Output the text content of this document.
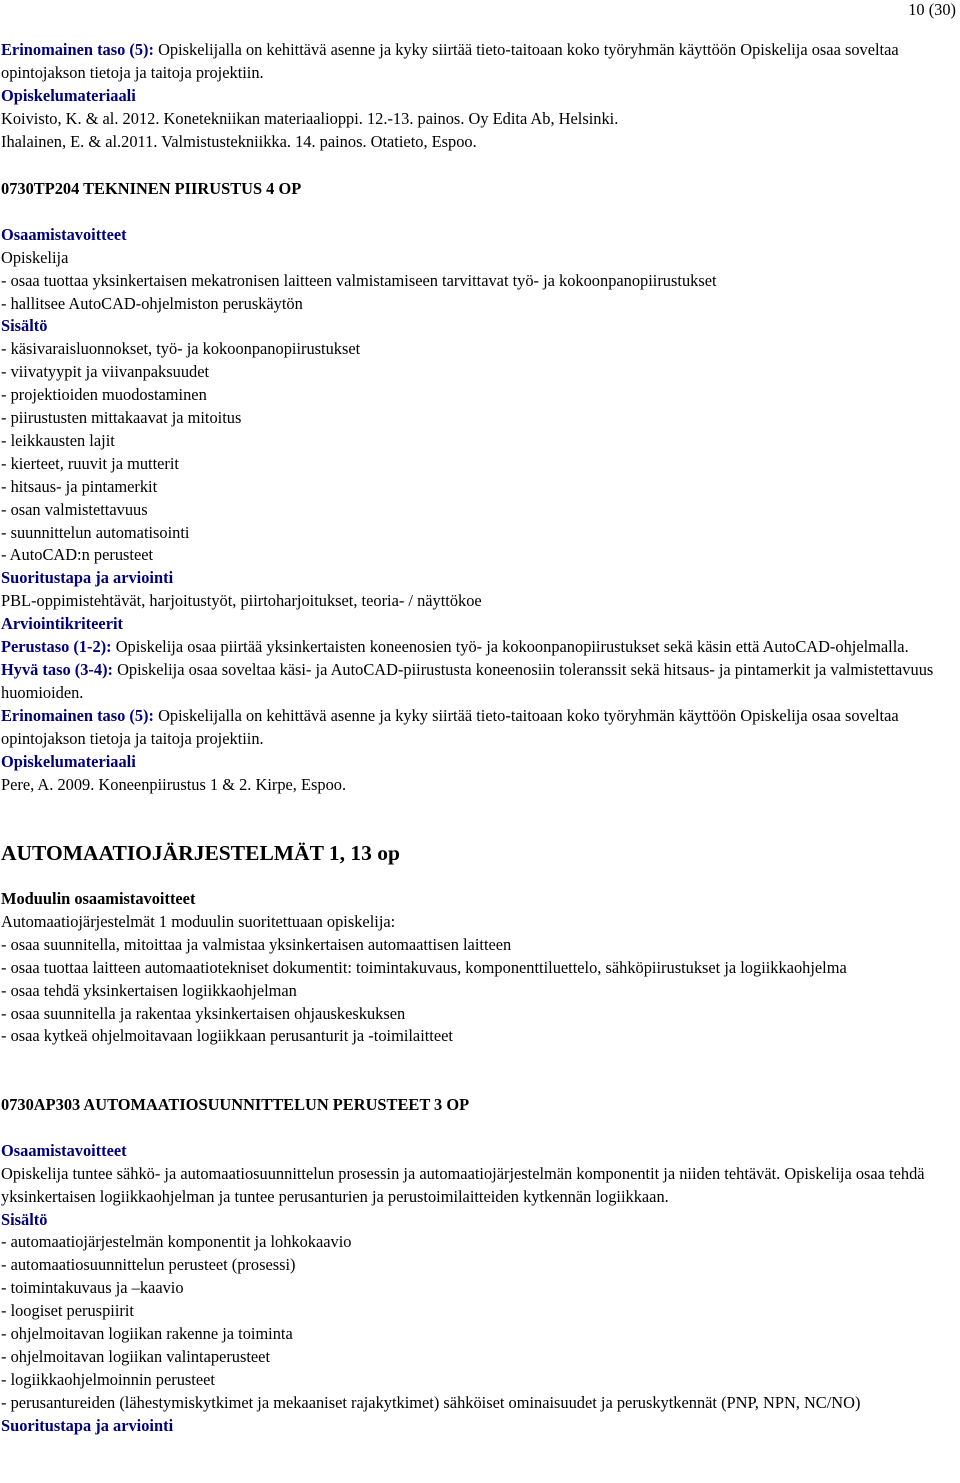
10 (30)

Erinomainen taso (5): Opiskelijalla on kehittävä asenne ja kyky siirtää tieto-taitoaan koko työryhmän käyttöön Opiskelija osaa soveltaa opintojakson tietoja ja taitoja projektiin.

Opiskelumateriaali

Koivisto, K. & al. 2012. Konetekniikan materiaalioppi. 12.-13. painos. Oy Edita Ab, Helsinki.

Ihalainen, E. & al.2011. Valmistustekniikka. 14. painos. Otatieto, Espoo.

0730TP204 TEKNINEN PIIRUSTUS 4 OP

Osaamistavoitteet

Opiskelija

- osaa tuottaa yksinkertaisen mekatronisen laitteen valmistamiseen tarvittavat työ- ja kokoonpanopiirustukset
- hallitsee AutoCAD-ohjelmiston peruskäytön

Sisältö

- käsivaraisluonnokset, työ- ja kokoonpanopiirustukset
- viivatyypit ja viivanpaksuudet
- projektioiden muodostaminen
- piirustusten mittakaavat ja mitoitus
- leikkausten lajit
- kierteet, ruuvit ja mutterit
- hitsaus- ja pintamerkit
- osan valmistettavuus
- suunnittelun automatisointi
- AutoCAD:n perusteet

Suoritustapa ja arviointi

PBL-oppimistehtävät, harjoitustyöt, piirtoharjoitukset, teoria- / näyttökoe

Arviointikriteerit

Perustaso (1-2): Opiskelija osaa piirtää yksinkertaisten koneenosien työ- ja kokoonpanopiirustukset sekä käsin että AutoCAD-ohjelmalla.

Hyvä taso (3-4): Opiskelija osaa soveltaa käsi- ja AutoCAD-piirustusta koneenosiin toleranssit sekä hitsaus- ja pintamerkit ja valmistettavuus huomioiden.

Erinomainen taso (5): Opiskelijalla on kehittävä asenne ja kyky siirtää tieto-taitoaan koko työryhmän käyttöön Opiskelija osaa soveltaa opintojakson tietoja ja taitoja projektiin.

Opiskelumateriaali

Pere, A. 2009. Koneenpiirustus 1 & 2. Kirpe, Espoo.

AUTOMAATIOJÄRJESTELMÄT 1, 13 op

Moduulin osaamistavoitteet

Automaatiojärjestelmät 1 moduulin suoritettuaan opiskelija:

- osaa suunnitella, mitoittaa ja valmistaa yksinkertaisen automaattisen laitteen
- osaa tuottaa laitteen automaatiotekniset dokumentit: toimintakuvaus, komponenttiluettelo, sähköpiirustukset ja logiikkaohjelma
- osaa tehdä yksinkertaisen logiikkaohjelman
- osaa suunnitella ja rakentaa yksinkertaisen ohjauskeskuksen
- osaa kytkeä ohjelmoitavaan logiikkaan perusanturit ja -toimilaitteet

0730AP303 AUTOMAATIOSUUNNITTELUN PERUSTEET 3 OP

Osaamistavoitteet

Opiskelija tuntee sähkö- ja automaatiosuunnittelun prosessin ja automaatiojärjestelmän komponentit ja niiden tehtävät. Opiskelija osaa tehdä yksinkertaisen logiikkaohjelman ja tuntee perusanturien ja perustoimilaitteiden kytkennän logiikkaan.

Sisältö

- automaatiojärjestelmän komponentit ja lohkokaavio
- automaatiosuunnittelun perusteet (prosessi)
- toimintakuvaus ja –kaavio
- loogiset peruspiirit
- ohjelmoitavan logiikan rakenne ja toiminta
- ohjelmoitavan logiikan valintaperusteet
- logiikkaohjelmoinnin perusteet
- perusantureiden (lähestymiskytkimet ja mekaaniset rajakytkimet) sähköiset ominaisuudet ja peruskytkennät (PNP, NPN, NC/NO)

Suoritustapa ja arviointi
